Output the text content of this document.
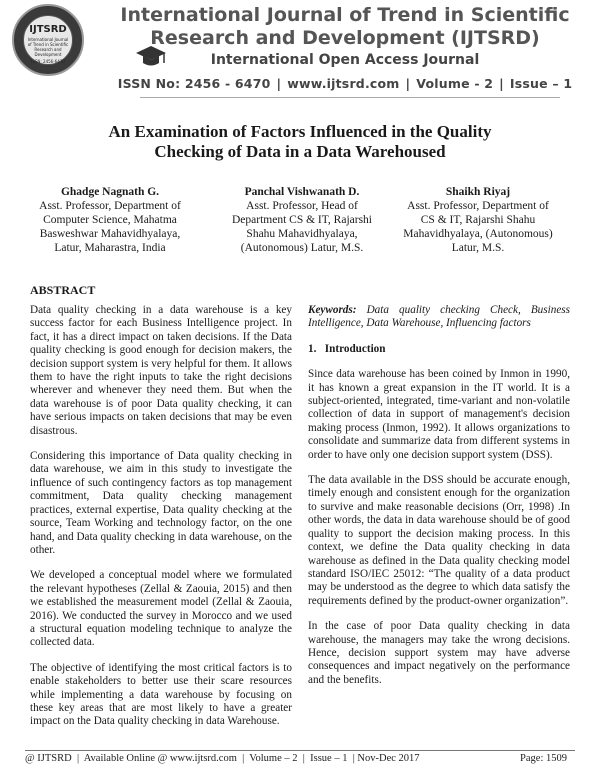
IJTSRD
International Journal of Trend in Scientific Research and Development
ISSN: 2456-6470
International Journal of Trend in Scientific
Research and Development (IJTSRD)
International Open Access Journal
ISSN No: 2456 - 6470 | www.ijtsrd.com | Volume - 2 | Issue – 1
An Examination of Factors Influenced in the Quality
Checking of Data in a Data Warehoused
Ghadge Nagnath G.
Asst. Professor, Department of
Computer Science, Mahatma
Basweshwar Mahavidhyalaya,
Latur, Maharastra, India
Panchal Vishwanath D.
Asst. Professor, Head of
Department CS & IT, Rajarshi
Shahu Mahavidhyalaya,
(Autonomous) Latur, M.S.
Shaikh Riyaj
Asst. Professor, Department of
CS & IT, Rajarshi Shahu
Mahavidhyalaya, (Autonomous)
Latur, M.S.
ABSTRACT

Data quality checking in a data warehouse is a key success factor for each Business Intelligence project. In fact, it has a direct impact on taken decisions. If the Data quality checking is good enough for decision makers, the decision support system is very helpful for them. It allows them to have the right inputs to take the right decisions wherever and whenever they need them. But when the data warehouse is of poor Data quality checking, it can have serious impacts on taken decisions that may be even disastrous.

Considering this importance of Data quality checking in data warehouse, we aim in this study to investigate the influence of such contingency factors as top management commitment, Data quality checking management practices, external expertise, Data quality checking at the source, Team Working and technology factor, on the one hand, and Data quality checking in data warehouse, on the other.

We developed a conceptual model where we formulated the relevant hypotheses (Zellal & Zaouia, 2015) and then we established the measurement model (Zellal & Zaouia, 2016). We conducted the survey in Morocco and we used a structural equation modeling technique to analyze the collected data.

The objective of identifying the most critical factors is to enable stakeholders to better use their scare resources while implementing a data warehouse by focusing on these key areas that are most likely to have a greater impact on the Data quality checking in data Warehouse.

Keywords: Data quality checking Check, Business Intelligence, Data Warehouse, Influencing factors

1.   Introduction

Since data warehouse has been coined by Inmon in 1990, it has known a great expansion in the IT world. It is a subject-oriented, integrated, time-variant and non-volatile collection of data in support of management's decision making process (Inmon, 1992). It allows organizations to consolidate and summarize data from different systems in order to have only one decision support system (DSS).

The data available in the DSS should be accurate enough, timely enough and consistent enough for the organization to survive and make reasonable decisions (Orr, 1998) .In other words, the data in data warehouse should be of good quality to support the decision making process. In this context, we define the Data quality checking in data warehouse as defined in the Data quality checking model standard ISO/IEC 25012: “The quality of a data product may be understood as the degree to which data satisfy the requirements defined by the product-owner organization”.

In the case of poor Data quality checking in data warehouse, the managers may take the wrong decisions. Hence, decision support system may have adverse consequences and impact negatively on the performance and the benefits.

@ IJTSRD  |  Available Online @ www.ijtsrd.com  |  Volume – 2  |  Issue – 1  | Nov-Dec 2017	Page: 1509
